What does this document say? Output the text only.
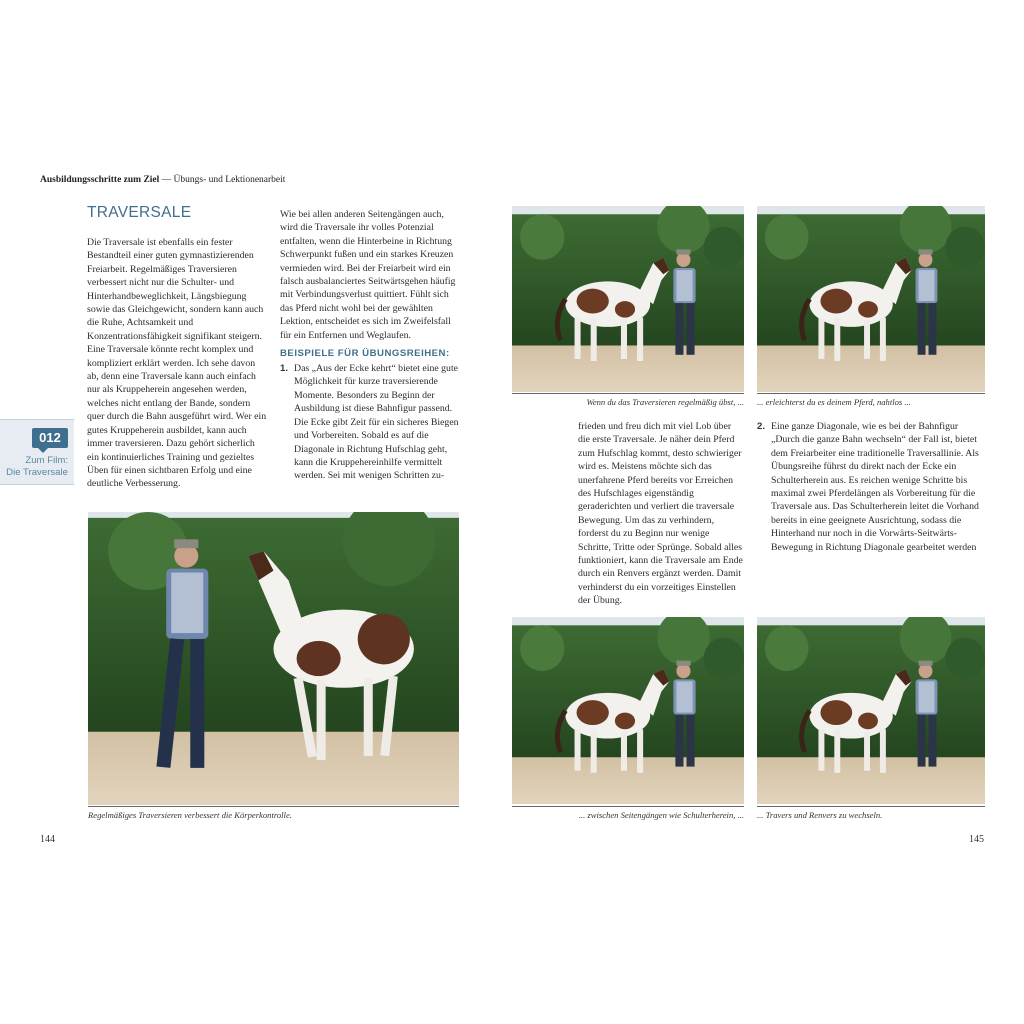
Ausbildungsschritte zum Ziel — Übungs- und Lektionenarbeit
TRAVERSALE

Die Traversale ist ebenfalls ein fester Bestandteil einer guten gymnastizierenden Freiarbeit. Regelmäßiges Traversieren verbessert nicht nur die Schulter- und Hinterhandbeweglichkeit, Längsbiegung sowie das Gleichgewicht, sondern kann auch die Ruhe, Achtsamkeit und Konzentrationsfähigkeit signifikant steigern.

Eine Traversale könnte recht komplex und kompliziert erklärt werden. Ich sehe davon ab, denn eine Traversale kann auch einfach nur als Kruppeherein angesehen werden, welches nicht entlang der Bande, sondern quer durch die Bahn ausgeführt wird. Wer ein gutes Kruppeherein ausbildet, kann auch immer traversieren. Dazu gehört sicherlich ein kontinuierliches Training und gezieltes Üben für einen sichtbaren Erfolg und eine deutliche Verbesserung.

Wie bei allen anderen Seitengängen auch, wird die Traversale ihr volles Potenzial entfalten, wenn die Hinterbeine in Richtung Schwerpunkt fußen und ein starkes Kreuzen vermieden wird. Bei der Freiarbeit wird ein falsch ausbalanciertes Seitwärtsgehen häufig mit Verbindungsverlust quittiert. Fühlt sich das Pferd nicht wohl bei der gewählten Lektion, entscheidet es sich im Zweifelsfall für ein Entfernen und Weglaufen.

BEISPIELE FÜR ÜBUNGSREIHEN:
1. Das „Aus der Ecke kehrt“ bietet eine gute Möglichkeit für kurze traversierende Momente. Besonders zu Beginn der Ausbildung ist diese Bahnfigur passend. Die Ecke gibt Zeit für ein sicheres Biegen und Vorbereiten. Sobald es auf die Diagonale in Richtung Hufschlag geht, kann die Kruppehereinhilfe vermittelt werden. Sei mit wenigen Schritten zu-
012
Zum Film:
Die Traversale
Regelmäßiges Traversieren verbessert die Körperkontrolle.
Wenn du das Traversieren regelmäßig übst, ... ... erleichterst du es deinem Pferd, nahtlos ...

frieden und freu dich mit viel Lob über die erste Traversale. Je näher dein Pferd zum Hufschlag kommt, desto schwieriger wird es. Meistens möchte sich das unerfahrene Pferd bereits vor Erreichen des Hufschlages eigenständig geraderichten und verliert die traversale Bewegung. Um das zu verhindern, forderst du zu Beginn nur wenige Schritte, Tritte oder Sprünge. Sobald alles funktioniert, kann die Traversale am Ende durch ein Renvers ergänzt werden. Damit verhinderst du ein vorzeitiges Einstellen der Übung.

2. Eine ganze Diagonale, wie es bei der Bahnfigur „Durch die ganze Bahn wechseln“ der Fall ist, bietet dem Freiarbeiter eine traditionelle Traversallinie. Als Übungsreihe führst du direkt nach der Ecke ein Schulterherein aus. Es reichen wenige Schritte bis maximal zwei Pferdelängen als Vorbereitung für die Traversale aus. Das Schulterherein leitet die Vorhand bereits in eine geeignete Ausrichtung, sodass die Hinterhand nur noch in die Vorwärts-Seitwärts-Bewegung in Richtung Diagonale gearbeitet werden
... zwischen Seitengängen wie Schulterherein, ... ... Travers und Renvers zu wechseln.
144	145
